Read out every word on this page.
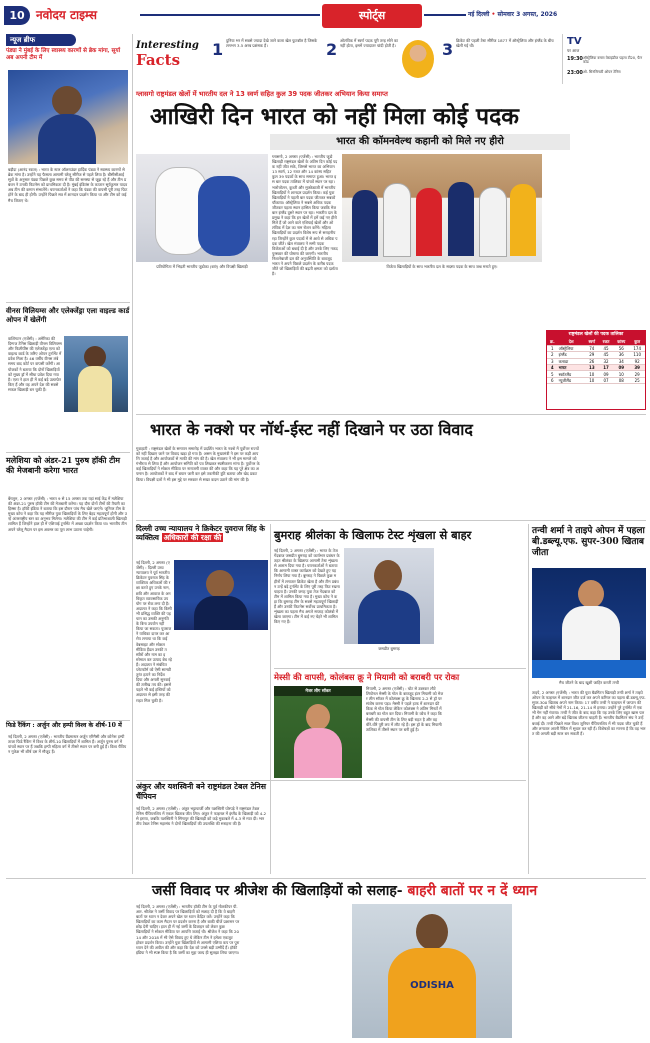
10 नवोदय टाइम्स	स्पोर्ट्स	नई दिल्ली • सोमवार 3 अगस्त, 2026
न्यूज ब्रीफ
पंड्या ने मुंबई के लिए स्वास्थ्य कारणों से ब्रेक मांगा, सूर्या अब अपनी टीम में
बड़ौदा (आनंद रवाल) : भारत के स्टार ऑलराउंडर हार्दिक पंड्या ने स्वास्थ्य कारणों से ब्रेक मांगा है। उन्होंने यह फैसला आगामी घरेलू सीरीज से पहले लिया है। बीसीसीआई सूत्रों के अनुसार पंड्या पिछले कुछ समय से पीठ की समस्या से जूझ रहे हैं और टीम प्रबंधन ने उनकी फिटनेस को प्राथमिकता दी है। मुंबई इंडियंस के कप्तान सूर्यकुमार यादव अब टीम की कमान संभालेंगे। चयनकर्ताओं ने कहा कि पंड्या की वापसी पूरी तरह फिट होने के बाद ही होगी। उन्होंने पिछले सत्र में शानदार प्रदर्शन किया था और टीम को कई मैच जिताए थे।
वीनस विलियम्स और एलेक्जेंड्रा एला वाइल्ड कार्ड ओपन में खेलेंगी
वाशिंगटन (एजेंसी) : अमेरिका की दिग्गज टेनिस खिलाड़ी वीनस विलियम्स और फिलीपींस की एलेक्जेंड्रा एला को वाइल्ड कार्ड के जरिए ओपन टूर्नामेंट में प्रवेश मिला है। 46 वर्षीय वीनस लंबे समय बाद कोर्ट पर वापसी करेंगी। आयोजकों ने बताया कि दोनों खिलाड़ियों को मुख्य ड्रॉ में सीधा प्रवेश दिया गया है। एला ने हाल ही में कई बड़े उलटफेर किए हैं और वह अपने देश की सबसे सफल खिलाड़ी बन चुकी हैं।
मलेशिया को अंडर-21 पुरुष हॉकी टीम की मेजबानी करेगा भारत
बेंगलुरु, 2 अगस्त (एजेंसी) : भारत 9 से 15 अगस्त तक यहां साई केंद्र में मलेशिया की अंडर-21 पुरुष हॉकी टीम की मेजबानी करेगा। यह दौरा दोनों टीमों की तैयारी का हिस्सा है। हॉकी इंडिया ने बताया कि इस दौरान पांच मैच खेले जाएंगे। जूनियर टीम के मुख्य कोच ने कहा कि यह सीरीज युवा खिलाड़ियों के लिए बेहद महत्वपूर्ण होगी और उन्हें अंतरराष्ट्रीय स्तर का अनुभव मिलेगा। मलेशिया की टीम में कई प्रतिभाशाली खिलाड़ी शामिल हैं जिन्होंने हाल ही में एशियाई टूर्नामेंट में अच्छा प्रदर्शन किया था। भारतीय टीम अपने घरेलू मैदान पर इस अवसर का पूरा लाभ उठाना चाहेगी।
फिडे रैंकिंग : अर्जुन और हम्पी विश्व के शीर्ष-10 में
नई दिल्ली, 2 अगस्त (एजेंसी) : भारतीय ग्रैंडमास्टर अर्जुन एरिगैसी और कोनेरू हम्पी ताजा फिडे रैंकिंग में विश्व के शीर्ष-10 खिलाड़ियों में शामिल हैं। अर्जुन पुरुष वर्ग में पांचवें स्थान पर हैं जबकि हम्पी महिला वर्ग में तीसरे स्थान पर बनी हुई हैं। विश्व चैंपियन गुकेश भी शीर्ष दस में मौजूद हैं।
Interesting
Facts
1 दुनिया भर में सबसे ज्यादा देखे जाने वाला खेल फुटबॉल है जिसके लगभग 3.5 अरब प्रशंसक हैं।	2 ओलंपिक में स्वर्ण पदक पूरी तरह सोने का नहीं होता, इसमें ज्यादातर चांदी होती है।	3 क्रिकेट की पहली टेस्ट सीरीज 1877 में ऑस्ट्रेलिया और इंग्लैंड के बीच खेली गई थी।	TV
पर आज
19:30 ऑस्ट्रेलिया बनाम वेस्टइंडीज पहला टी20, फैन कोड
23:00 ओ. सिनसिनाटी ओपन टेनिस
ग्लासगो राष्ट्रमंडल खेलों में भारतीय दल ने 13 स्वर्ण सहित कुल 39 पदक जीतकर अभियान किया समाप्त
आखिरी दिन भारत को नहीं मिला कोई पदक
भारत की कॉमनवेल्थ कहानी को मिले नए हीरो
प्रतियोगिता में भिड़ती भारतीय जुडोका (बाएं) और विपक्षी खिलाड़ी
ग्लासगो, 2 अगस्त (एजेंसी) : भारतीय जूडो खिलाड़ी राष्ट्रमंडल खेलों के अंतिम दिन कोई पदक नहीं जीत सके, जिससे भारत का अभियान 13 स्वर्ण, 12 रजत और 14 कांस्य सहित कुल 39 पदकों के साथ समाप्त हुआ। भारत इस बार पदक तालिका में पांचवें स्थान पर रहा। भारोत्तोलन, कुश्ती और मुक्केबाजी में भारतीय खिलाड़ियों ने शानदार प्रदर्शन किया। कई युवा खिलाड़ियों ने पहली बार पदक जीतकर सबको चौंकाया। ऑस्ट्रेलिया ने सबसे अधिक पदक जीतकर पहला स्थान हासिल किया जबकि मेजबान इंग्लैंड दूसरे स्थान पर रहा। भारतीय दल के प्रमुख ने कहा कि इन खेलों में हमें कई नए हीरो मिले हैं जो आने वाले एशियाई खेलों और ओलंपिक में देश का नाम रोशन करेंगे। महिला खिलाड़ियों का प्रदर्शन विशेष रूप से सराहनीय रहा जिन्होंने कुल पदकों में से आधे से अधिक पदक जीते। खेल मंत्रालय ने सभी पदक विजेताओं को बधाई दी है और उनके लिए नकद पुरस्कार की घोषणा की जाएगी। भारतीय निशानेबाजी दल की अनुपस्थिति के बावजूद भारत ने अपने पिछले प्रदर्शन के करीब पदक जीते जो खिलाड़ियों की बढ़ती क्षमता को दर्शाता है।
विजेता खिलाड़ियों के साथ भारतीय दल के सदस्य पदक के साथ जश्न मनाते हुए।
राष्ट्रमंडल खेलों की पदक तालिका
क्र.	देश	स्वर्ण	रजत	कांस्य	कुल
1	ऑस्ट्रेलिया	74	45	56	174
2	इंग्लैंड	29	45	36	110
3	कनाडा	26	32	34	92
4	भारत	13	17	09	39
5	स्कॉटलैंड	10	09	10	29
6	न्यूजीलैंड	10	07	08	25
भारत के नक्शे पर नॉर्थ-ईस्ट नहीं दिखाने पर उठा विवाद
गुवाहाटी : राष्ट्रमंडल खेलों के समापन समारोह में प्रदर्शित भारत के नक्शे में पूर्वोत्तर राज्यों को नहीं दिखाए जाने पर विवाद खड़ा हो गया है। असम के मुख्यमंत्री ने इस पर कड़ी आपत्ति जताई है और आयोजकों से माफी की मांग की है। खेल मंत्रालय ने भी इस मामले को गंभीरता से लिया है और आयोजन समिति को पत्र लिखकर स्पष्टीकरण मांगा है। पूर्वोत्तर के कई खिलाड़ियों ने सोशल मीडिया पर नाराजगी व्यक्त की और कहा कि यह पूरे क्षेत्र का अपमान है। आयोजकों ने बाद में बयान जारी कर इसे तकनीकी त्रुटि बताया और खेद प्रकट किया। विपक्षी दलों ने भी इस मुद्दे पर सरकार से सख्त कदम उठाने की मांग की है।
दिल्ली उच्च न्यायालय ने क्रिकेटर युवराज सिंह के व्यक्तित्व अधिकारों की रक्षा की
नई दिल्ली, 2 अगस्त (एजेंसी) : दिल्ली उच्च न्यायालय ने पूर्व भारतीय क्रिकेटर युवराज सिंह के व्यक्तित्व अधिकारों की रक्षा करते हुए उनके नाम, छवि और आवाज के अनधिकृत व्यावसायिक उपयोग पर रोक लगा दी है। अदालत ने कहा कि किसी भी प्रसिद्ध व्यक्ति की पहचान का उसकी अनुमति के बिना उपयोग नहीं किया जा सकता। युवराज ने याचिका दायर कर आरोप लगाया था कि कई वेबसाइट और सोशल मीडिया हैंडल उनकी तस्वीरों और नाम का इस्तेमाल कर उत्पाद बेच रहे हैं। अदालत ने संबंधित प्लेटफॉर्म को ऐसी सामग्री तुरंत हटाने का निर्देश दिया और अगली सुनवाई की तारीख तय की। इससे पहले भी कई हस्तियों को अदालत से इसी तरह की राहत मिल चुकी है।
बुमराह श्रीलंका के खिलाफ टेस्ट शृंखला से बाहर
नई दिल्ली, 2 अगस्त (एजेंसी) : भारत के तेज गेंदबाज जसप्रीत बुमराह को कार्यभार प्रबंधन के तहत श्रीलंका के खिलाफ आगामी टेस्ट शृंखला से आराम दिया गया है। चयनकर्ताओं ने बताया कि आगामी व्यस्त कार्यक्रम को देखते हुए यह निर्णय लिया गया है। बुमराह ने पिछले कुछ महीनों में लगातार क्रिकेट खेला है और टीम प्रबंधन उन्हें बड़े टूर्नामेंट के लिए पूरी तरह फिट रखना चाहता है। उनकी जगह युवा तेज गेंदबाज को टीम में शामिल किया गया है। मुख्य कोच ने कहा कि बुमराह टीम के सबसे महत्वपूर्ण खिलाड़ी हैं और उनकी फिटनेस सर्वोच्च प्राथमिकता है। शृंखला का पहला मैच अगले सप्ताह कोलंबो में खेला जाएगा। टीम में कई नए चेहरे भी शामिल किए गए हैं।
जसप्रीत बुमराह
तन्वी शर्मा ने ताइपे ओपन में पहला बी.डब्ल्यू.एफ. सुपर-300 खिताब जीता
मैच जीतने के बाद खुशी जाहिर करती तन्वी
ताइपे, 2 अगस्त (एजेंसी) : भारत की युवा बैडमिंटन खिलाड़ी तन्वी शर्मा ने ताइपे ओपन के फाइनल में शानदार जीत दर्ज कर अपने करियर का पहला बी.डब्ल्यू.एफ. सुपर-300 खिताब अपने नाम किया। 17 वर्षीय तन्वी ने फाइनल में जापान की खिलाड़ी को सीधे गेमों में 21-16, 21-14 से हराया। उन्होंने पूरे टूर्नामेंट में एक भी गेम नहीं गंवाया। तन्वी ने जीत के बाद कहा कि यह उनके लिए बहुत खास पल है और वह आगे और बड़े खिताब जीतना चाहती हैं। भारतीय बैडमिंटन संघ ने उन्हें बधाई दी। तन्वी पिछले साल विश्व जूनियर चैंपियनशिप में भी पदक जीत चुकी हैं और लगातार अपनी रैंकिंग में सुधार कर रही हैं। विशेषज्ञों का मानना है कि वह भारत की अगली बड़ी स्टार बन सकती हैं।
मेस्सी की वापसी, कोलंबस क्रू ने मियामी को बराबरी पर रोका
मेजर लीग सॉकर	मियामी, 2 अगस्त (एजेंसी) : चोट से उबरकर लौटे लियोनल मेस्सी के गोल के बावजूद इंटर मियामी को मेजर लीग सॉकर में कोलंबस क्रू के खिलाफ 2-2 से ड्रॉ पर संतोष करना पड़ा। मेस्सी ने पहले हाफ में शानदार फ्री किक से गोल किया लेकिन कोलंबस ने अंतिम मिनटों में बराबरी का गोल कर दिया। मियामी के कोच ने कहा कि मेस्सी की वापसी टीम के लिए बड़ी राहत है और वह धीरे-धीरे पूरी लय में लौट रहे हैं। इस ड्रॉ के बाद मियामी तालिका में तीसरे स्थान पर बनी हुई है।
अंकुर और यशस्विनी बने राष्ट्रमंडल टेबल टेनिस चैंपियन
नई दिल्ली, 2 अगस्त (एजेंसी) : अंकुर भट्टाचार्जी और यशस्विनी घोरपड़े ने राष्ट्रमंडल टेबल टेनिस चैंपियनशिप में एकल खिताब जीत लिए। अंकुर ने फाइनल में इंग्लैंड के खिलाड़ी को 4-2 से हराया, जबकि यशस्विनी ने सिंगापुर की खिलाड़ी को कड़े मुकाबले में 4-3 से मात दी। भारतीय टेबल टेनिस महासंघ ने दोनों खिलाड़ियों की उपलब्धि की सराहना की है।
जर्सी विवाद पर श्रीजेश की खिलाड़ियों को सलाह- बाहरी बातों पर न दें ध्यान
नई दिल्ली, 2 अगस्त (एजेंसी) : भारतीय हॉकी टीम के पूर्व गोलकीपर पी.आर. श्रीजेश ने जर्सी विवाद पर खिलाड़ियों को सलाह दी है कि वे बाहरी बातों पर ध्यान न देकर अपने खेल पर ध्यान केंद्रित करें। उन्होंने कहा कि खिलाड़ियों का काम मैदान पर प्रदर्शन करना है और बाकी चीजें प्रशासन पर छोड़ देनी चाहिए। हाल ही में नई जर्सी के डिजाइन को लेकर कुछ खिलाड़ियों ने सोशल मीडिया पर आपत्ति जताई थी। श्रीजेश ने कहा कि 2014 और 2018 में भी ऐसे विवाद हुए थे लेकिन टीम ने हमेशा एकजुट होकर प्रदर्शन किया। उन्होंने युवा खिलाड़ियों से आगामी एशिया कप पर पूरा ध्यान देने की अपील की और कहा कि देश को उनसे बड़ी उम्मीदें हैं। हॉकी इंडिया ने भी स्पष्ट किया है कि जर्सी का मुद्दा जल्द ही सुलझा लिया जाएगा।
ODISHA
